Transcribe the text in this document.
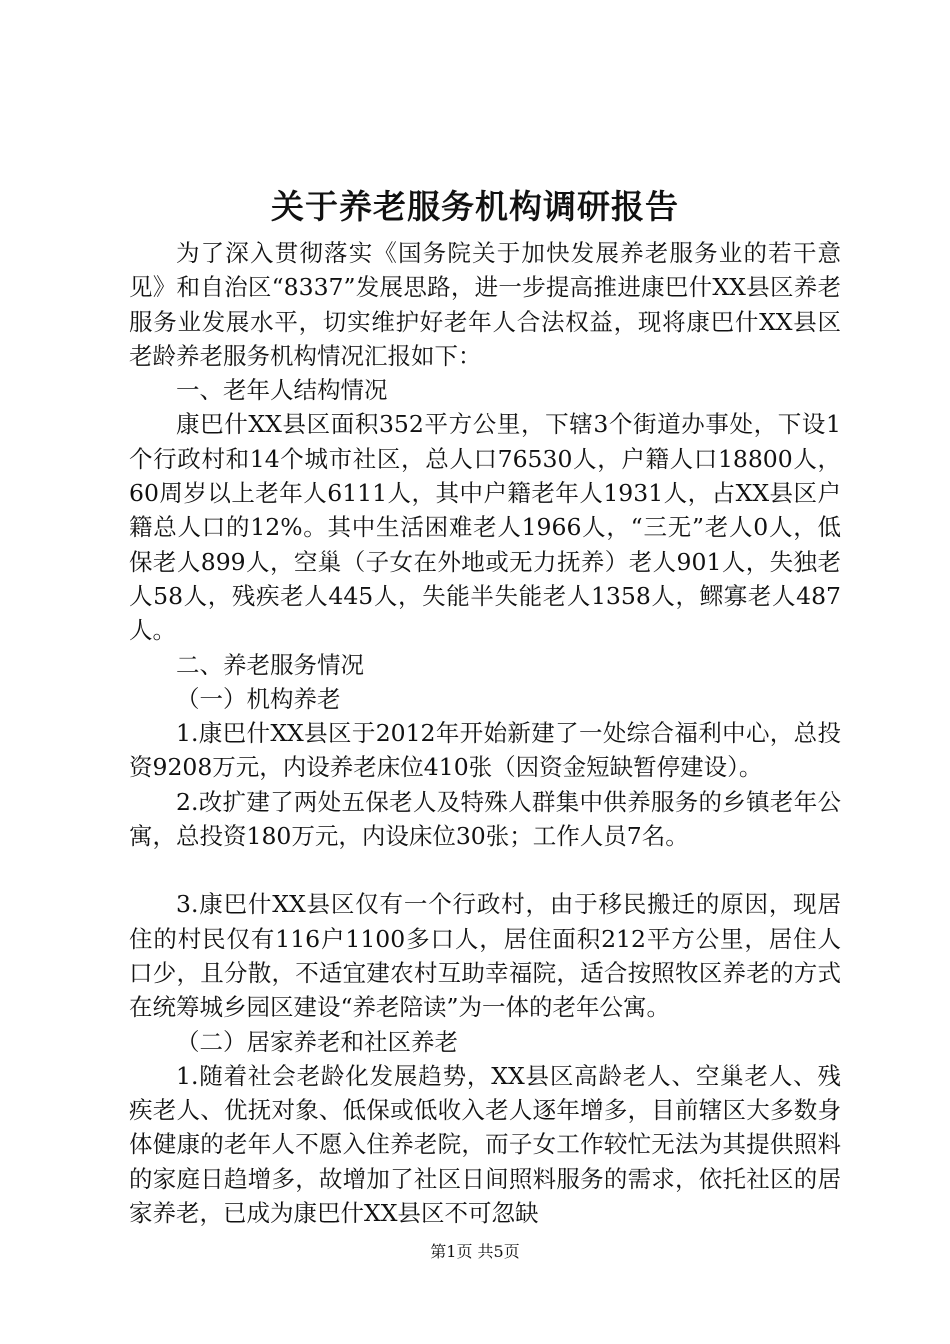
关于养老服务机构调研报告

为了深入贯彻落实《国务院关于加快发展养老服务业的若干意见》和自治区“8337”发展思路，进一步提高推进康巴什XX县区养老服务业发展水平，切实维护好老年人合法权益，现将康巴什XX县区老龄养老服务机构情况汇报如下：

一、老年人结构情况

康巴什XX县区面积352平方公里，下辖3个街道办事处，下设1个行政村和14个城市社区，总人口76530人，户籍人口18800人，60周岁以上老年人6111人，其中户籍老年人1931人，占XX县区户籍总人口的12%。其中生活困难老人1966人，“三无”老人0人，低保老人899人，空巢（子女在外地或无力抚养）老人901人，失独老人58人，残疾老人445人，失能半失能老人1358人，鳏寡老人487人。

二、养老服务情况

（一）机构养老

1.康巴什XX县区于2012年开始新建了一处综合福利中心，总投资9208万元，内设养老床位410张（因资金短缺暂停建设）。

2.改扩建了两处五保老人及特殊人群集中供养服务的乡镇老年公寓，总投资180万元，内设床位30张；工作人员7名。

3.康巴什XX县区仅有一个行政村，由于移民搬迁的原因，现居住的村民仅有116户1100多口人，居住面积212平方公里，居住人口少，且分散，不适宜建农村互助幸福院，适合按照牧区养老的方式在统筹城乡园区建设“养老陪读”为一体的老年公寓。

（二）居家养老和社区养老

1.随着社会老龄化发展趋势，XX县区高龄老人、空巢老人、残疾老人、优抚对象、低保或低收入老人逐年增多，目前辖区大多数身体健康的老年人不愿入住养老院，而子女工作较忙无法为其提供照料的家庭日趋增多，故增加了社区日间照料服务的需求，依托社区的居家养老，已成为康巴什XX县区不可忽缺

第1页 共5页
